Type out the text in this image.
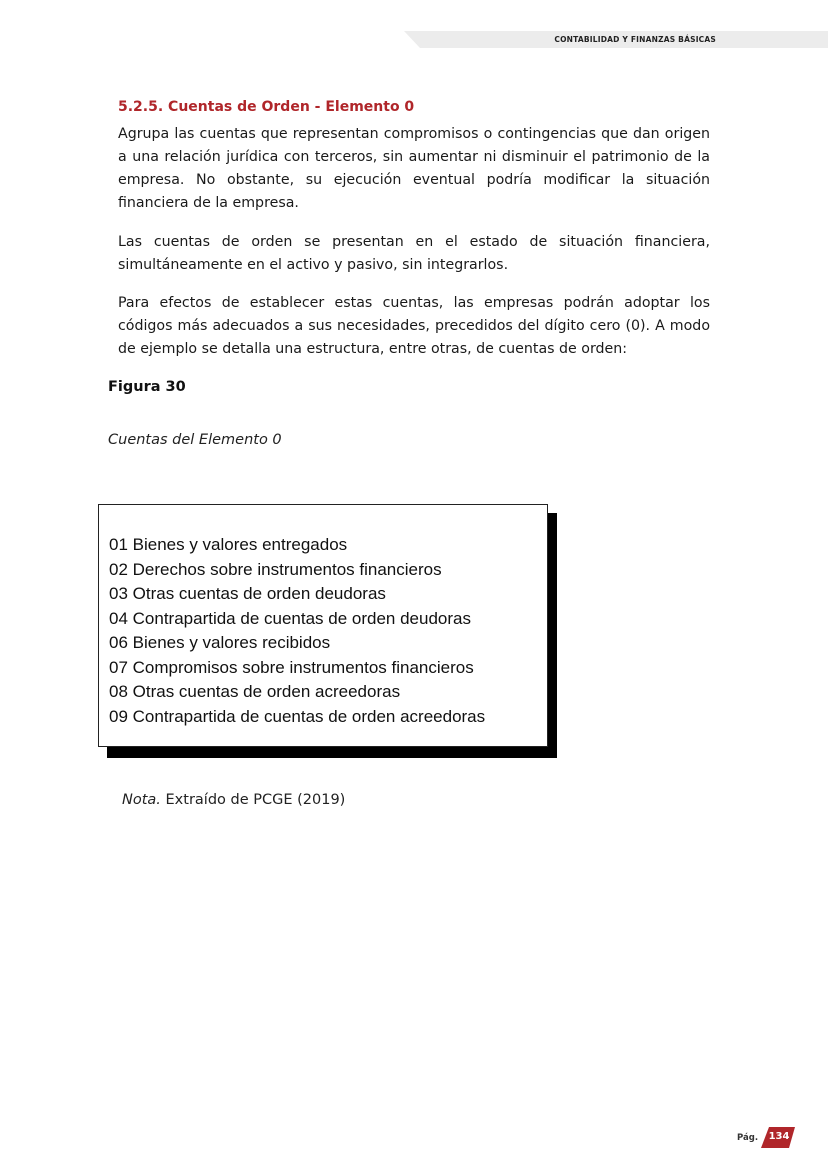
CONTABILIDAD Y FINANZAS BÁSICAS
5.2.5. Cuentas de Orden - Elemento 0

Agrupa las cuentas que representan compromisos o contingencias que dan origen a una relación jurídica con terceros, sin aumentar ni disminuir el patrimonio de la empresa. No obstante, su ejecución eventual podría modificar la situación financiera de la empresa.

Las cuentas de orden se presentan en el estado de situación financiera, simultáneamente en el activo y pasivo, sin integrarlos.

Para efectos de establecer estas cuentas, las empresas podrán adoptar los códigos más adecuados a sus necesidades, precedidos del dígito cero (0). A modo de ejemplo se detalla una estructura, entre otras, de cuentas de orden:

Figura 30

Cuentas del Elemento 0

01 Bienes y valores entregados
02 Derechos sobre instrumentos financieros
03 Otras cuentas de orden deudoras
04 Contrapartida de cuentas de orden deudoras
06 Bienes y valores recibidos
07 Compromisos sobre instrumentos financieros
08 Otras cuentas de orden acreedoras
09 Contrapartida de cuentas de orden acreedoras

Nota. Extraído de PCGE (2019)

Pág. 134
